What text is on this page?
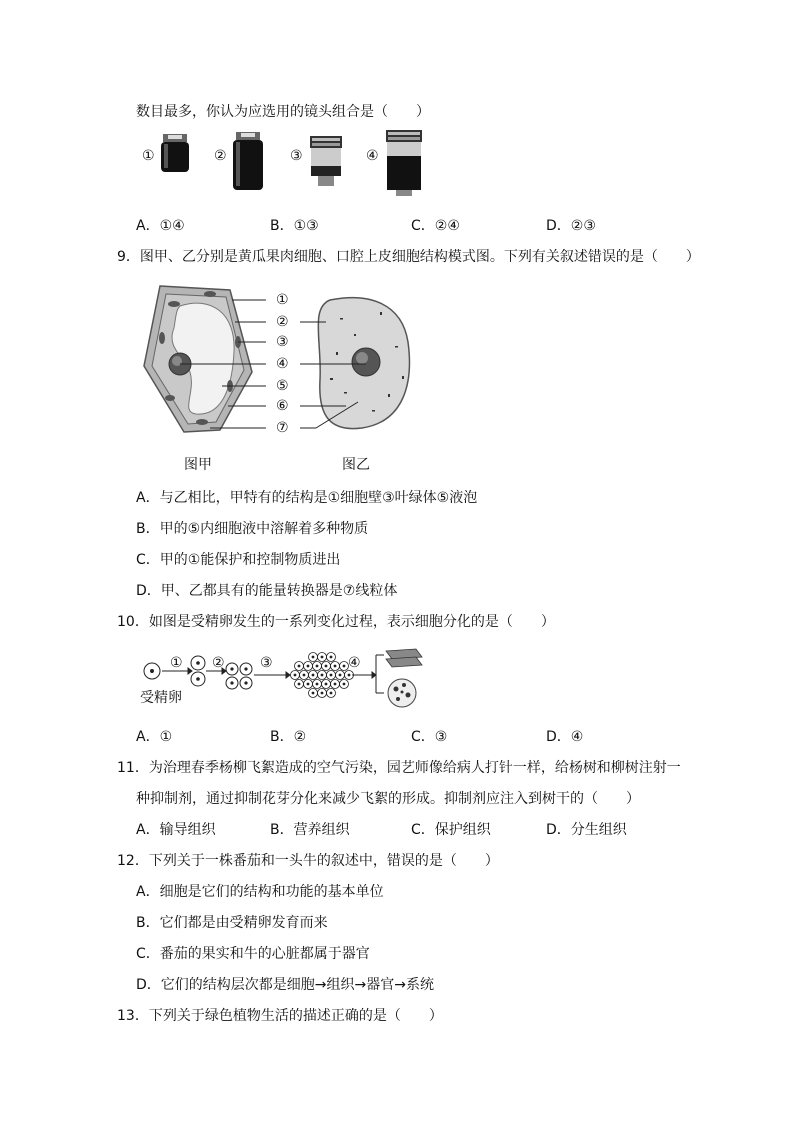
数目最多，你认为应选用的镜头组合是（　　）
①	②	③	④
A．①④	B．①③	C．②④	D．②③
9．图甲、乙分别是黄瓜果肉细胞、口腔上皮细胞结构模式图。下列有关叙述错误的是（　　）
①
②
③
④
⑤
⑥
⑦
图甲	图乙
A．与乙相比，甲特有的结构是①细胞壁③叶绿体⑤液泡
B．甲的⑤内细胞液中溶解着多种物质
C．甲的①能保护和控制物质进出
D．甲、乙都具有的能量转换器是⑦线粒体
10．如图是受精卵发生的一系列变化过程，表示细胞分化的是（　　）
① ②	③	④
受精卵
A．①	B．②	C．③	D．④
11．为治理春季杨柳飞絮造成的空气污染，园艺师像给病人打针一样，给杨树和柳树注射一
种抑制剂，通过抑制花芽分化来减少飞絮的形成。抑制剂应注入到树干的（　　）
A．输导组织	B．营养组织	C．保护组织	D．分生组织
12．下列关于一株番茄和一头牛的叙述中，错误的是（　　）
A．细胞是它们的结构和功能的基本单位
B．它们都是由受精卵发育而来
C．番茄的果实和牛的心脏都属于器官
D．它们的结构层次都是细胞→组织→器官→系统
13．下列关于绿色植物生活的描述正确的是（　　）
